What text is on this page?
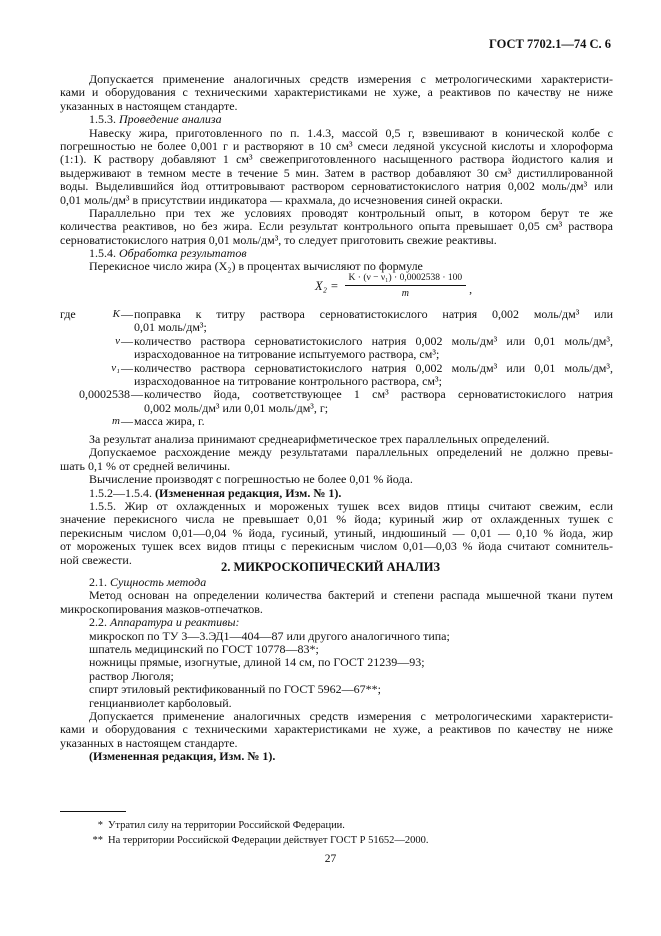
ГОСТ 7702.1—74 С. 6
Допускается применение аналогичных средств измерения с метрологическими характеристи-
ками и оборудования с техническими характеристиками не хуже, а реактивов по качеству не ниже
указанных в настоящем стандарте.
1.5.3. Проведение анализа
Навеску жира, приготовленного по п. 1.4.3, массой 0,5 г, взвешивают в конической колбе с
погрешностью не более 0,001 г и растворяют в 10 см³ смеси ледяной уксусной кислоты и хлороформа
(1:1). К раствору добавляют 1 см³ свежеприготовленного насыщенного раствора йодистого калия и
выдерживают в темном месте в течение 5 мин. Затем в раствор добавляют 30 см³ дистиллированной
воды. Выделившийся йод оттитровывают раствором серноватистокислого натрия 0,002 моль/дм³ или
0,01 моль/дм³ в присутствии индикатора — крахмала, до исчезновения синей окраски.
Параллельно при тех же условиях проводят контрольный опыт, в котором берут те же
количества реактивов, но без жира. Если результат контрольного опыта превышает 0,05 см³ раствора
серноватистокислого натрия 0,01 моль/дм³, то следует приготовить свежие реактивы.
1.5.4. Обработка результатов
Перекисное число жира (X₂) в процентах вычисляют по формуле
$X_2 = \frac{\text{K · (ν − ν₁) · 0,0002538 · 100}}{m}$ ,
где	K — поправка к титру раствора серноватистокислого натрия 0,002 моль/дм³ или
0,01 моль/дм³;
ν — количество раствора серноватистокислого натрия 0,002 моль/дм³ или 0,01 моль/дм³,
израсходованное на титрование испытуемого раствора, см³;
ν₁ — количество раствора серноватистокислого натрия 0,002 моль/дм³ или 0,01 моль/дм³,
израсходованное на титрование контрольного раствора, см³;
0,0002538 — количество йода, соответствующее 1 см³ раствора серноватистокислого натрия
0,002 моль/дм³ или 0,01 моль/дм³, г;
m — масса жира, г.
За результат анализа принимают среднеарифметическое трех параллельных определений.
Допускаемое расхождение между результатами параллельных определений не должно превы-
шать 0,1 % от средней величины.
Вычисление производят с погрешностью не более 0,01 % йода.
1.5.2—1.5.4. (Измененная редакция, Изм. № 1).
1.5.5. Жир от охлажденных и мороженых тушек всех видов птицы считают свежим, если
значение перекисного числа не превышает 0,01 % йода; куриный жир от охлажденных тушек с
перекисным числом 0,01—0,04 % йода, гусиный, утиный, индюшиный — 0,01 — 0,10 % йода, жир
от мороженых тушек всех видов птицы с перекисным числом 0,01—0,03 % йода считают сомнитель-
ной свежести.
2. МИКРОСКОПИЧЕСКИЙ АНАЛИЗ
2.1. Сущность метода
Метод основан на определении количества бактерий и степени распада мышечной ткани путем
микроскопирования мазков-отпечатков.
2.2. Аппаратура и реактивы:
микроскоп по ТУ 3—3.ЭД1—404—87 или другого аналогичного типа;
шпатель медицинский по ГОСТ 10778—83*;
ножницы прямые, изогнутые, длиной 14 см, по ГОСТ 21239—93;
раствор Люголя;
спирт этиловый ректификованный по ГОСТ 5962—67**;
генцианвиолет карболовый.
Допускается применение аналогичных средств измерения с метрологическими характеристи-
ками и оборудования с техническими характеристиками не хуже, а реактивов по качеству не ниже
указанных в настоящем стандарте.
(Измененная редакция, Изм. № 1).
* Утратил силу на территории Российской Федерации.
** На территории Российской Федерации действует ГОСТ Р 51652—2000.
27
